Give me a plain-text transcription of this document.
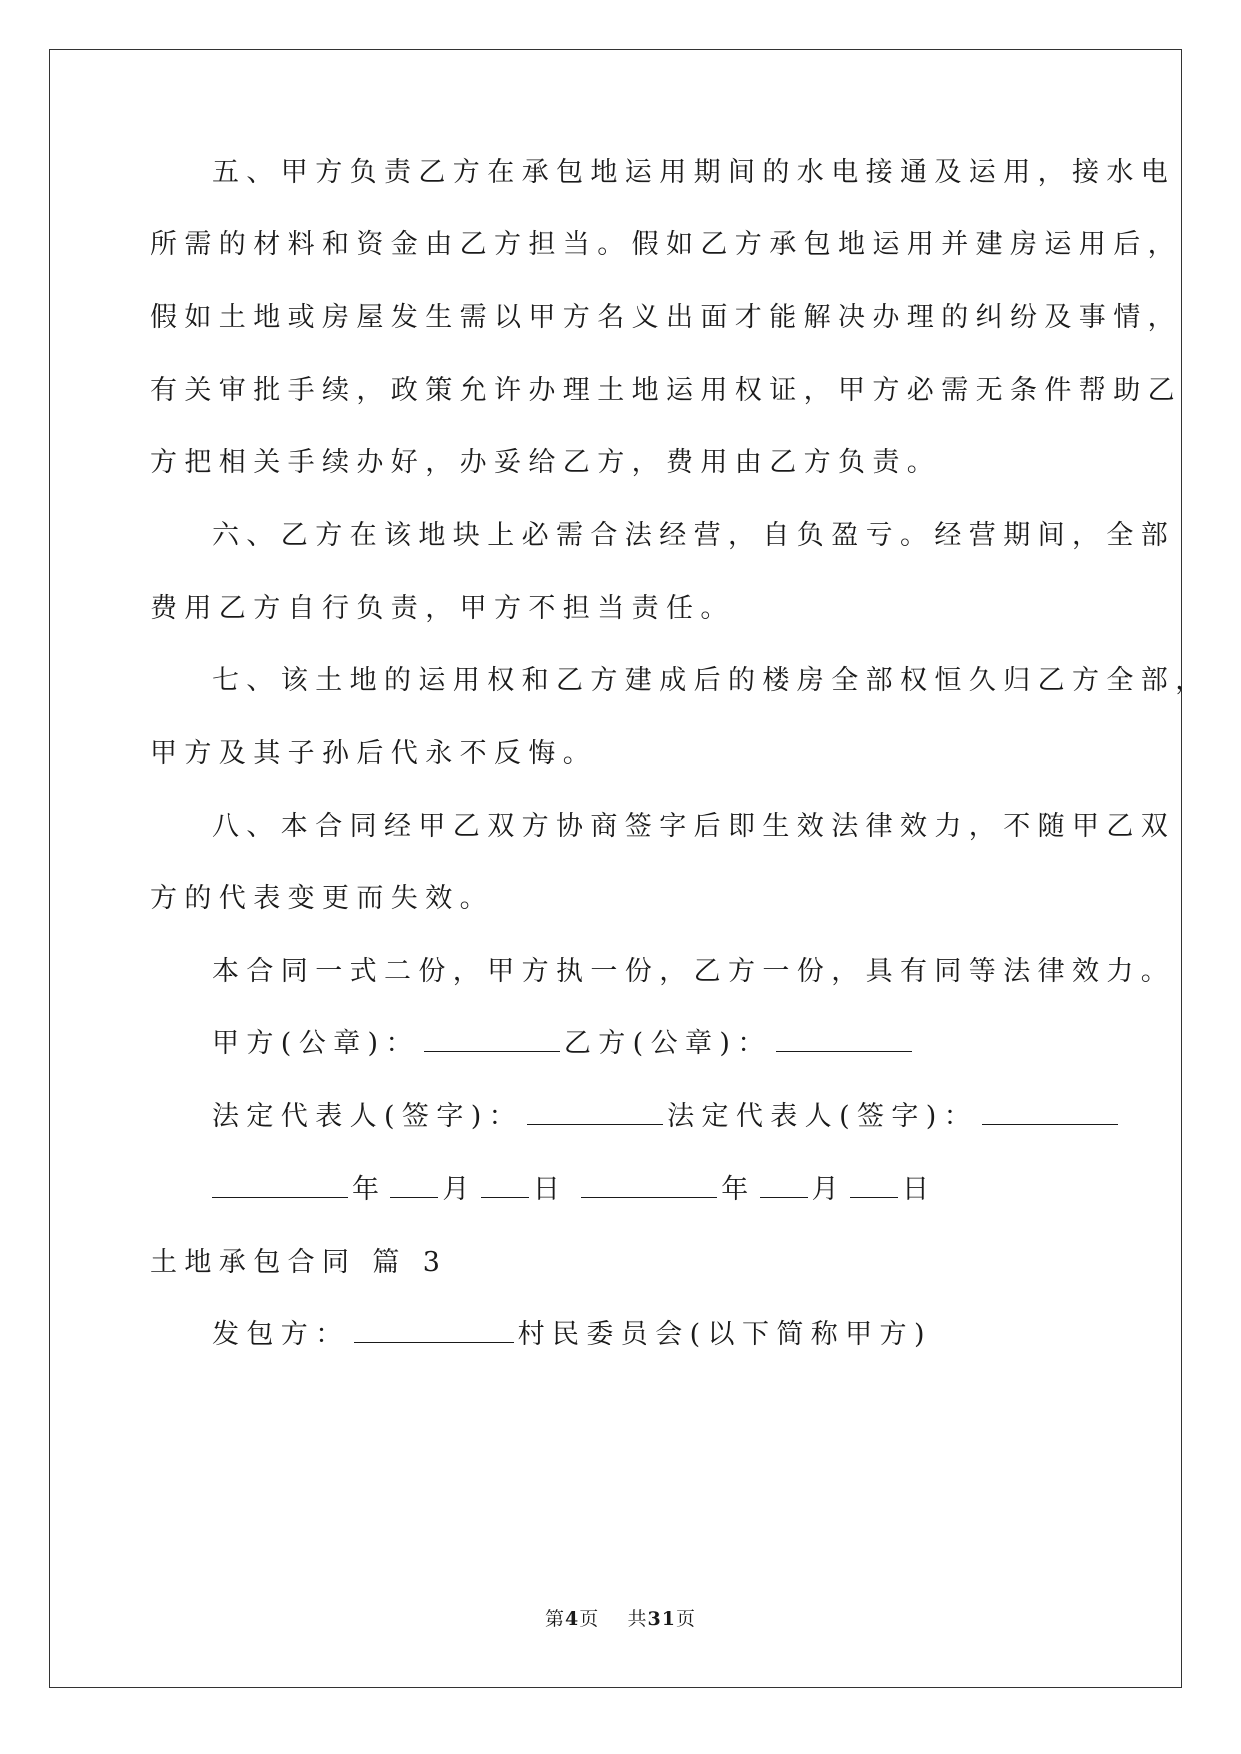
五、甲方负责乙方在承包地运用期间的水电接通及运用，接水电
所需的材料和资金由乙方担当。假如乙方承包地运用并建房运用后，
假如土地或房屋发生需以甲方名义出面才能解决办理的纠纷及事情，
有关审批手续，政策允许办理土地运用权证，甲方必需无条件帮助乙
方把相关手续办好，办妥给乙方，费用由乙方负责。
六、乙方在该地块上必需合法经营，自负盈亏。经营期间，全部
费用乙方自行负责，甲方不担当责任。
七、该土地的运用权和乙方建成后的楼房全部权恒久归乙方全部，
甲方及其子孙后代永不反悔。
八、本合同经甲乙双方协商签字后即生效法律效力，不随甲乙双
方的代表变更而失效。
本合同一式二份，甲方执一份，乙方一份，具有同等法律效力。
甲方(公章)：	乙方(公章)：
法定代表人(签字)：	法定代表人(签字)：
年 月 日	年 月 日
土地承包合同 篇 3
发包方：	村民委员会(以下简称甲方)
第4页 共31页
